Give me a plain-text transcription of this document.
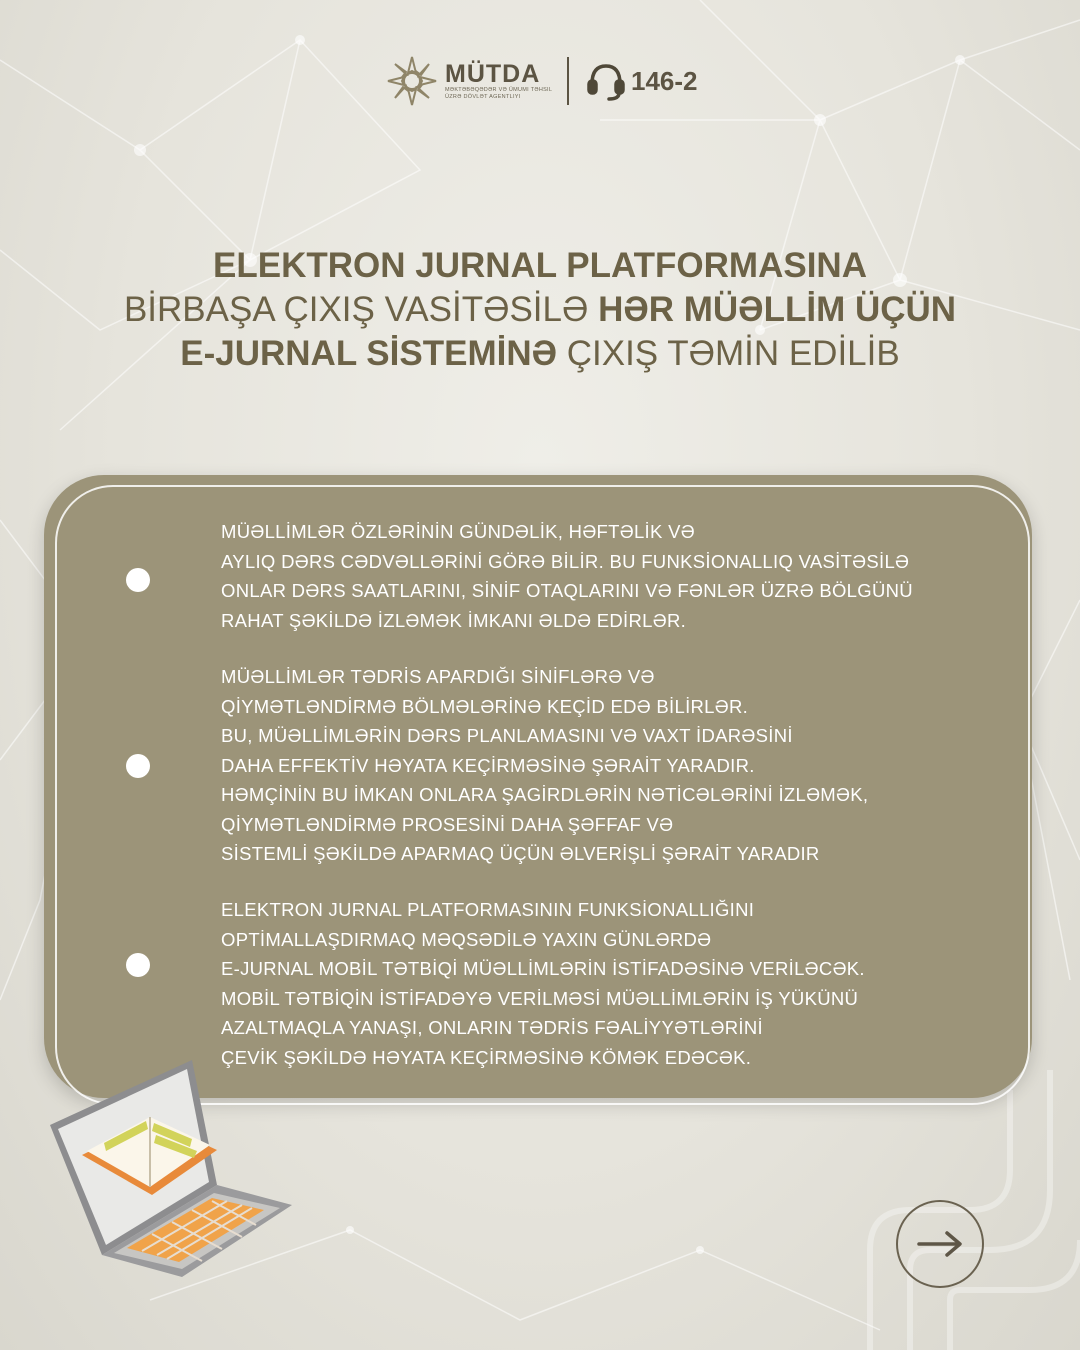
MÜTDA
MƏKTƏBƏQƏDƏR VƏ ÜMUMI TƏHSIL ÜZRƏ DÖVLƏT AGENTLIYI
146-2
ELEKTRON JURNAL PLATFORMASINA
BİRBAŞA ÇIXIŞ VASİTƏSİLƏ HƏR MÜƏLLİM ÜÇÜN
E-JURNAL SİSTEMİNƏ ÇIXIŞ TƏMİN EDİLİB
MÜƏLLİMLƏR ÖZLƏRİNİN GÜNDƏLİK, HƏFTƏLİK VƏ
AYLIQ DƏRS CƏDVƏLLƏRİNİ GÖRƏ BİLİR. BU FUNKSİONALLIQ VASİTƏSİLƏ
ONLAR DƏRS SAATLARINI, SİNİF OTAQLARINI VƏ FƏNLƏR ÜZRƏ BÖLGÜNÜ
RAHAT ŞƏKİLDƏ İZLƏMƏK İMKANI ƏLDƏ EDİRLƏR.
MÜƏLLİMLƏR TƏDRİS APARDIĞI SİNİFLƏRƏ VƏ
QİYMƏTLƏNDİRMƏ BÖLMƏLƏRİNƏ KEÇİD EDƏ BİLİRLƏR.
BU, MÜƏLLİMLƏRİN DƏRS PLANLAMASINI VƏ VAXT İDARƏSİNİ
DAHA EFFEKTİV HƏYATA KEÇİRMƏSİNƏ ŞƏRAİT YARADIR.
HƏMÇİNİN BU İMKAN ONLARA ŞAGİRDLƏRİN NƏTİCƏLƏRİNİ İZLƏMƏK,
QİYMƏTLƏNDİRMƏ PROSESİNİ DAHA ŞƏFFAF VƏ
SİSTEMLİ ŞƏKİLDƏ APARMAQ ÜÇÜN ƏLVERİŞLİ ŞƏRAİT YARADIR
ELEKTRON JURNAL PLATFORMASININ FUNKSİONALLIĞINI
OPTİMALLAŞDIRMAQ MƏQSƏDİLƏ YAXIN GÜNLƏRDƏ
E-JURNAL MOBİL TƏTBİQİ MÜƏLLİMLƏRİN İSTİFADƏSİNƏ VERİLƏCƏK.
MOBİL TƏTBİQİN İSTİFADƏYƏ VERİLMƏSİ MÜƏLLİMLƏRİN İŞ YÜKÜNÜ
AZALTMAQLA YANAŞI, ONLARIN TƏDRİS FƏALİYYƏTLƏRİNİ
ÇEVİK ŞƏKİLDƏ HƏYATA KEÇİRMƏSİNƏ KÖMƏK EDƏCƏK.
